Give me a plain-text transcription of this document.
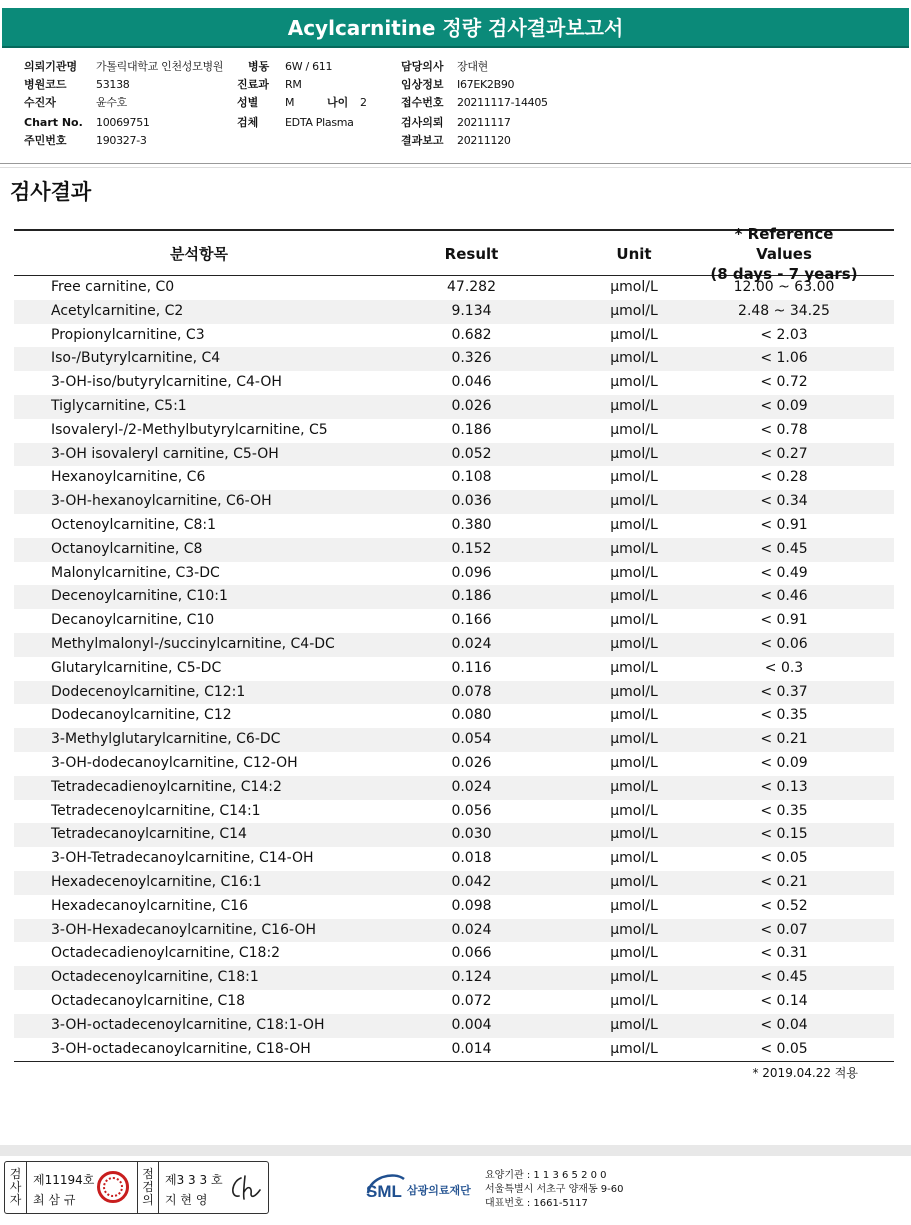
Acylcarnitine 정량 검사결과보고서
의뢰기관명 가톨릭대학교 인천성모병원 병동 6W / 611	담당의사 장대현
병원코드	53138	진료과 RM	임상정보 I67EK2B90
수진자	윤수호	성별 M	나이 2	접수번호 20211117-14405
Chart No. 10069751	검체 EDTA Plasma	검사의뢰 20211117
주민번호	190327-3	결과보고 20211120
검사결과
분석항목	Result	Unit
* Reference Values
(8 days - 7 years)
Free carnitine, C0	47.282	μmol/L	12.00 ~ 63.00
Acetylcarnitine, C2	9.134	μmol/L	2.48 ~ 34.25
Propionylcarnitine, C3	0.682	μmol/L	< 2.03
Iso-/Butyrylcarnitine, C4	0.326	μmol/L	< 1.06
3-OH-iso/butyrylcarnitine, C4-OH	0.046	μmol/L	< 0.72
Tiglycarnitine, C5:1	0.026	μmol/L	< 0.09
Isovaleryl-/2-Methylbutyrylcarnitine, C5	0.186	μmol/L	< 0.78
3-OH isovaleryl carnitine, C5-OH	0.052	μmol/L	< 0.27
Hexanoylcarnitine, C6	0.108	μmol/L	< 0.28
3-OH-hexanoylcarnitine, C6-OH	0.036	μmol/L	< 0.34
Octenoylcarnitine, C8:1	0.380	μmol/L	< 0.91
Octanoylcarnitine, C8	0.152	μmol/L	< 0.45
Malonylcarnitine, C3-DC	0.096	μmol/L	< 0.49
Decenoylcarnitine, C10:1	0.186	μmol/L	< 0.46
Decanoylcarnitine, C10	0.166	μmol/L	< 0.91
Methylmalonyl-/succinylcarnitine, C4-DC	0.024	μmol/L	< 0.06
Glutarylcarnitine, C5-DC	0.116	μmol/L	< 0.3
Dodecenoylcarnitine, C12:1	0.078	μmol/L	< 0.37
Dodecanoylcarnitine, C12	0.080	μmol/L	< 0.35
3-Methylglutarylcarnitine, C6-DC	0.054	μmol/L	< 0.21
3-OH-dodecanoylcarnitine, C12-OH	0.026	μmol/L	< 0.09
Tetradecadienoylcarnitine, C14:2	0.024	μmol/L	< 0.13
Tetradecenoylcarnitine, C14:1	0.056	μmol/L	< 0.35
Tetradecanoylcarnitine, C14	0.030	μmol/L	< 0.15
3-OH-Tetradecanoylcarnitine, C14-OH	0.018	μmol/L	< 0.05
Hexadecenoylcarnitine, C16:1	0.042	μmol/L	< 0.21
Hexadecanoylcarnitine, C16	0.098	μmol/L	< 0.52
3-OH-Hexadecanoylcarnitine, C16-OH	0.024	μmol/L	< 0.07
Octadecadienoylcarnitine, C18:2	0.066	μmol/L	< 0.31
Octadecenoylcarnitine, C18:1	0.124	μmol/L	< 0.45
Octadecanoylcarnitine, C18	0.072	μmol/L	< 0.14
3-OH-octadecenoylcarnitine, C18:1-OH	0.004	μmol/L	< 0.04
3-OH-octadecanoylcarnitine, C18-OH	0.014	μmol/L	< 0.05
* 2019.04.22 적용
검
사
자
제11194호
최 삼 규
점
검
의
제3 3 3 호
지 현 영	SML 삼광의료재단
요양기관 : 1 1 3 6 5 2 0 0
서울특별시 서초구 양재동 9-60
대표번호 : 1661-5117
